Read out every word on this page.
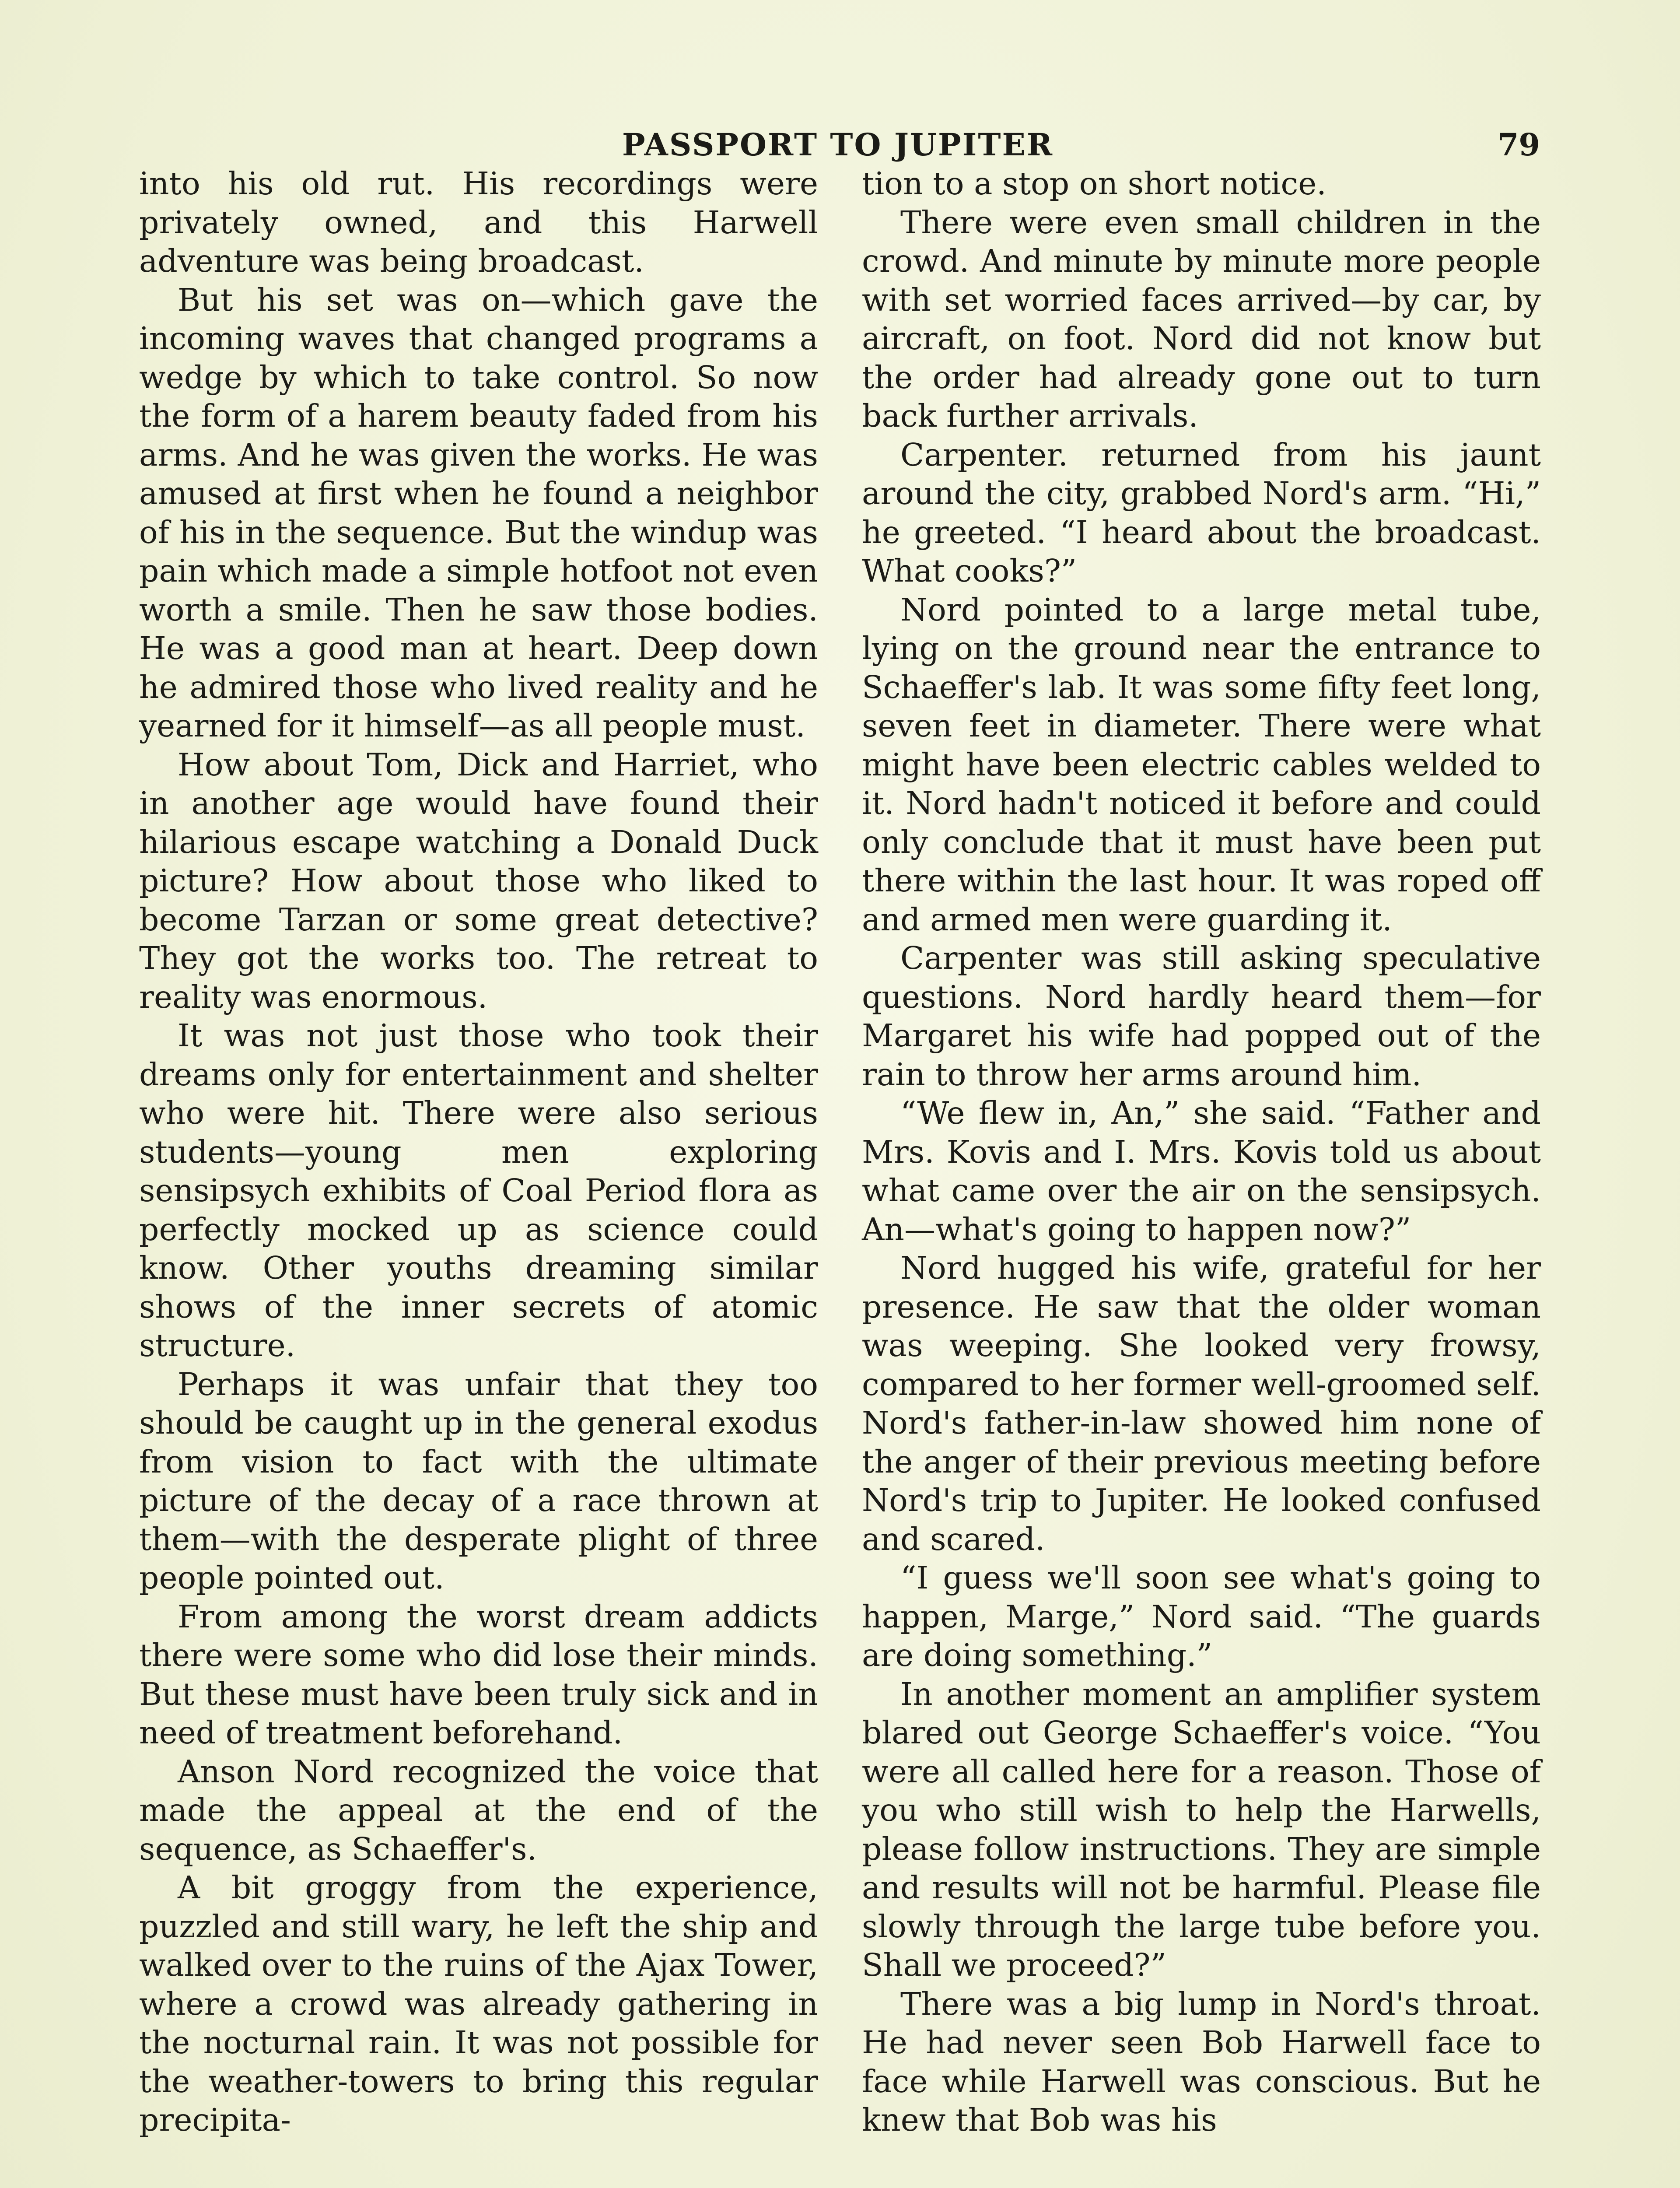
PASSPORT TO JUPITER	79

into his old rut. His recordings were privately owned, and this Harwell adventure was being broadcast.

But his set was on—which gave the incoming waves that changed programs a wedge by which to take control. So now the form of a harem beauty faded from his arms. And he was given the works. He was amused at first when he found a neighbor of his in the sequence. But the windup was pain which made a simple hotfoot not even worth a smile. Then he saw those bodies. He was a good man at heart. Deep down he admired those who lived reality and he yearned for it himself—as all people must.

How about Tom, Dick and Harriet, who in another age would have found their hilarious escape watching a Donald Duck picture? How about those who liked to become Tarzan or some great detective? They got the works too. The retreat to reality was enormous.

It was not just those who took their dreams only for entertainment and shelter who were hit. There were also serious students—young men exploring sensipsych exhibits of Coal Period flora as perfectly mocked up as science could know. Other youths dreaming similar shows of the inner secrets of atomic structure.

Perhaps it was unfair that they too should be caught up in the general exodus from vision to fact with the ultimate picture of the decay of a race thrown at them—with the desperate plight of three people pointed out.

From among the worst dream addicts there were some who did lose their minds. But these must have been truly sick and in need of treatment beforehand.

Anson Nord recognized the voice that made the appeal at the end of the sequence, as Schaeffer's.

A bit groggy from the experience, puzzled and still wary, he left the ship and walked over to the ruins of the Ajax Tower, where a crowd was already gathering in the nocturnal rain. It was not possible for the weather-towers to bring this regular precipita-

tion to a stop on short notice.

There were even small children in the crowd. And minute by minute more people with set worried faces arrived—by car, by aircraft, on foot. Nord did not know but the order had already gone out to turn back further arrivals.

Carpenter. returned from his jaunt around the city, grabbed Nord's arm. “Hi,” he greeted. “I heard about the broadcast. What cooks?”

Nord pointed to a large metal tube, lying on the ground near the entrance to Schaeffer's lab. It was some fifty feet long, seven feet in diameter. There were what might have been electric cables welded to it. Nord hadn't noticed it before and could only conclude that it must have been put there within the last hour. It was roped off and armed men were guarding it.

Carpenter was still asking speculative questions. Nord hardly heard them—for Margaret his wife had popped out of the rain to throw her arms around him.

“We flew in, An,” she said. “Father and Mrs. Kovis and I. Mrs. Kovis told us about what came over the air on the sensipsych. An—what's going to happen now?”

Nord hugged his wife, grateful for her presence. He saw that the older woman was weeping. She looked very frowsy, compared to her former well-groomed self. Nord's father-in-law showed him none of the anger of their previous meeting before Nord's trip to Jupiter. He looked confused and scared.

“I guess we'll soon see what's going to happen, Marge,” Nord said. “The guards are doing something.”

In another moment an amplifier system blared out George Schaeffer's voice. “You were all called here for a reason. Those of you who still wish to help the Harwells, please follow instructions. They are simple and results will not be harmful. Please file slowly through the large tube before you. Shall we proceed?”

There was a big lump in Nord's throat. He had never seen Bob Harwell face to face while Harwell was conscious. But he knew that Bob was his
